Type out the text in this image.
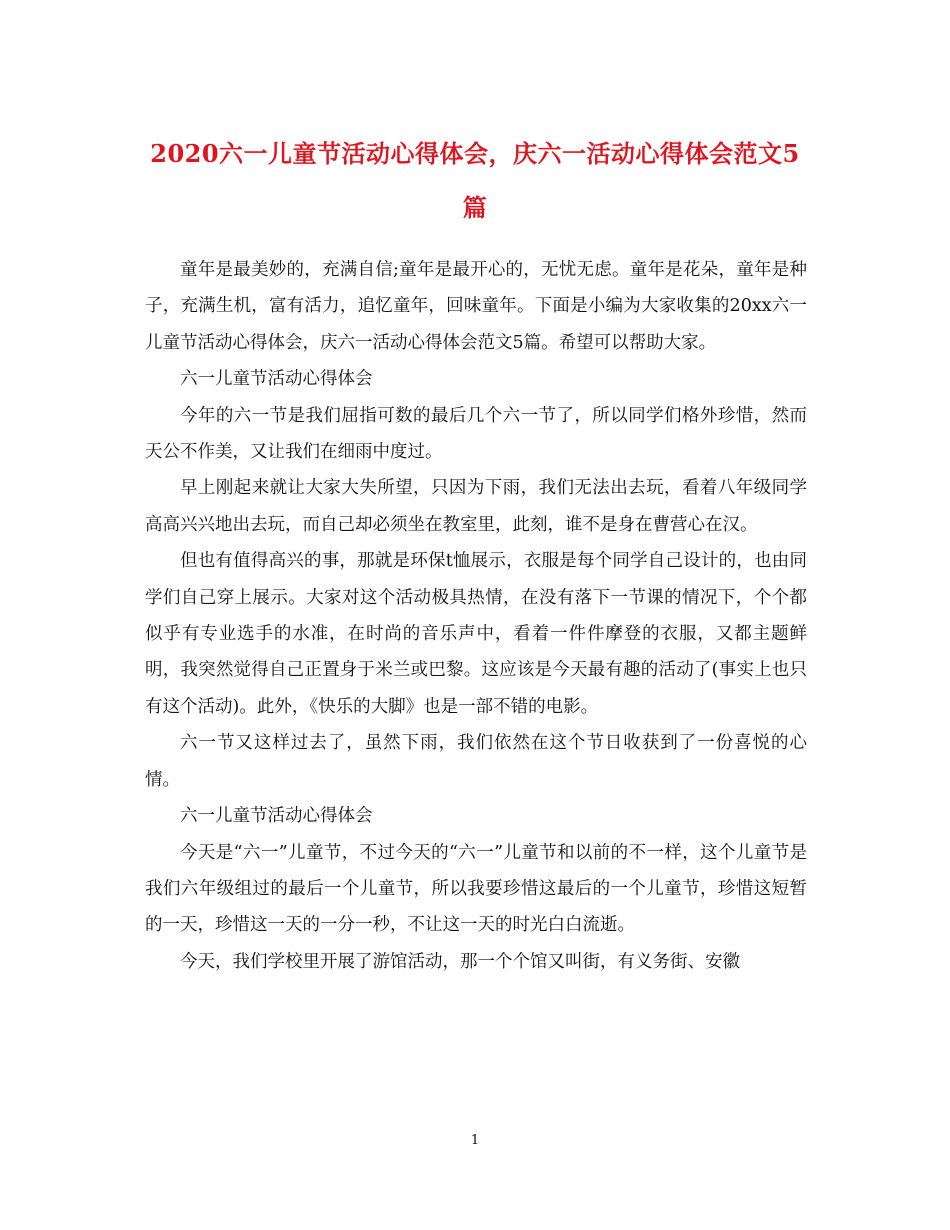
2020六一儿童节活动心得体会，庆六一活动心得体会范文5篇

童年是最美妙的，充满自信;童年是最开心的，无忧无虑。童年是花朵，童年是种子，充满生机，富有活力，追忆童年，回味童年。下面是小编为大家收集的20xx六一儿童节活动心得体会，庆六一活动心得体会范文5篇。希望可以帮助大家。

六一儿童节活动心得体会

今年的六一节是我们屈指可数的最后几个六一节了，所以同学们格外珍惜，然而天公不作美，又让我们在细雨中度过。

早上刚起来就让大家大失所望，只因为下雨，我们无法出去玩，看着八年级同学高高兴兴地出去玩，而自己却必须坐在教室里，此刻，谁不是身在曹营心在汉。

但也有值得高兴的事，那就是环保t恤展示，衣服是每个同学自己设计的，也由同学们自己穿上展示。大家对这个活动极具热情，在没有落下一节课的情况下，个个都似乎有专业选手的水准，在时尚的音乐声中，看着一件件摩登的衣服，又都主题鲜明，我突然觉得自己正置身于米兰或巴黎。这应该是今天最有趣的活动了(事实上也只有这个活动)。此外，《快乐的大脚》也是一部不错的电影。

六一节又这样过去了，虽然下雨，我们依然在这个节日收获到了一份喜悦的心情。

六一儿童节活动心得体会

今天是“六一”儿童节，不过今天的“六一”儿童节和以前的不一样，这个儿童节是我们六年级组过的最后一个儿童节，所以我要珍惜这最后的一个儿童节，珍惜这短暂的一天，珍惜这一天的一分一秒，不让这一天的时光白白流逝。

今天，我们学校里开展了游馆活动，那一个个馆又叫街，有义务街、安徽

1
